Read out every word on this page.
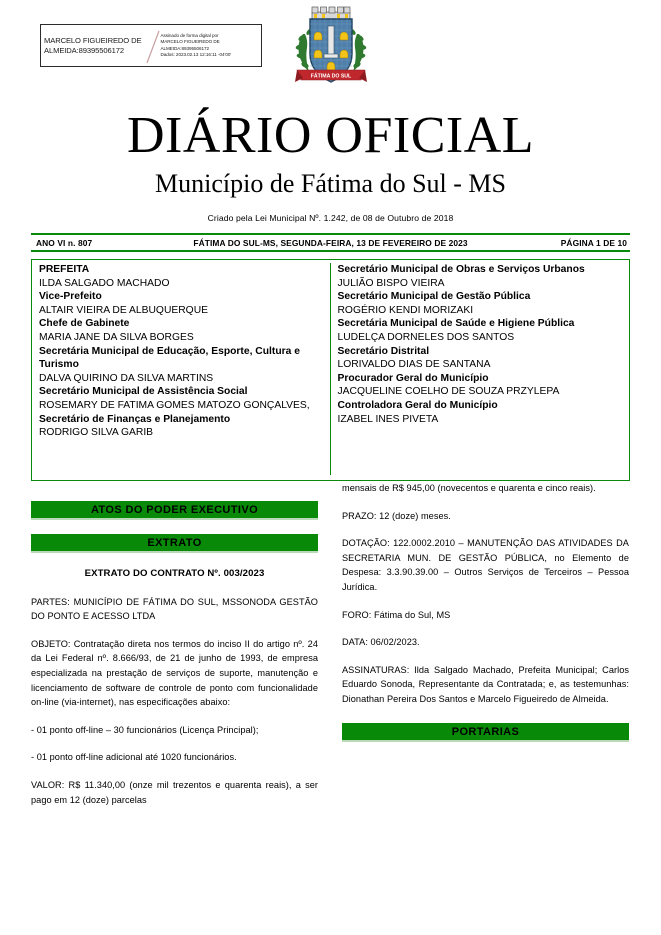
MARCELO FIGUEIREDO DE ALMEIDA:89395506172
Assinado de forma digital por
MARCELO FIGUEIREDO DE
ALMEIDA:89395506172
Dados: 2023.02.13 12:16:11 -04'00'
FÁTIMA DO SUL
DIÁRIO OFICIAL
Município de Fátima do Sul - MS
Criado pela Lei Municipal Nº. 1.242, de 08 de Outubro de 2018
ANO VI n. 807	FÁTIMA DO SUL-MS, SEGUNDA-FEIRA, 13 DE FEVEREIRO DE 2023	PÁGINA 1 DE 10
PREFEITA
ILDA SALGADO MACHADO
Vice-Prefeito
ALTAIR VIEIRA DE ALBUQUERQUE
Chefe de Gabinete
MARIA JANE DA SILVA BORGES
Secretária Municipal de Educação, Esporte, Cultura e Turismo
DALVA QUIRINO DA SILVA MARTINS
Secretário Municipal de Assistência Social
ROSEMARY DE FATIMA GOMES MATOZO GONÇALVES,
Secretário de Finanças e Planejamento
RODRIGO SILVA GARIB
Secretário Municipal de Obras e Serviços Urbanos
JULIÃO BISPO VIEIRA
Secretário Municipal de Gestão Pública
ROGÉRIO KENDI MORIZAKI
Secretária Municipal de Saúde e Higiene Pública
LUDELÇA DORNELES DOS SANTOS
Secretário Distrital
LORIVALDO DIAS DE SANTANA
Procurador Geral do Município
JACQUELINE COELHO DE SOUZA PRZYLEPA
Controladora Geral do Município
IZABEL INES PIVETA
ATOS DO PODER EXECUTIVO
EXTRATO

EXTRATO DO CONTRATO Nº. 003/2023

PARTES: MUNICÍPIO DE FÁTIMA DO SUL, MSSONODA GESTÃO DO PONTO E ACESSO LTDA

OBJETO: Contratação direta nos termos do inciso II do artigo nº. 24 da Lei Federal nº. 8.666/93, de 21 de junho de 1993, de empresa especializada na prestação de serviços de suporte, manutenção e licenciamento de software de controle de ponto com funcionalidade on-line (via-internet), nas especificações abaixo:

- 01 ponto off-line – 30 funcionários (Licença Principal);

- 01 ponto off-line adicional até 1020 funcionários.

VALOR: R$ 11.340,00 (onze mil trezentos e quarenta reais), a ser pago em 12 (doze) parcelas

mensais de R$ 945,00 (novecentos e quarenta e cinco reais).

PRAZO: 12 (doze) meses.

DOTAÇÃO: 122.0002.2010 – MANUTENÇÃO DAS ATIVIDADES DA SECRETARIA MUN. DE GESTÃO PÚBLICA, no Elemento de Despesa: 3.3.90.39.00 – Outros Serviços de Terceiros – Pessoa Jurídica.

FORO: Fátima do Sul, MS

DATA: 06/02/2023.

ASSINATURAS: Ilda Salgado Machado, Prefeita Municipal; Carlos Eduardo Sonoda, Representante da Contratada; e, as testemunhas: Dionathan Pereira Dos Santos e Marcelo Figueiredo de Almeida.

PORTARIAS
